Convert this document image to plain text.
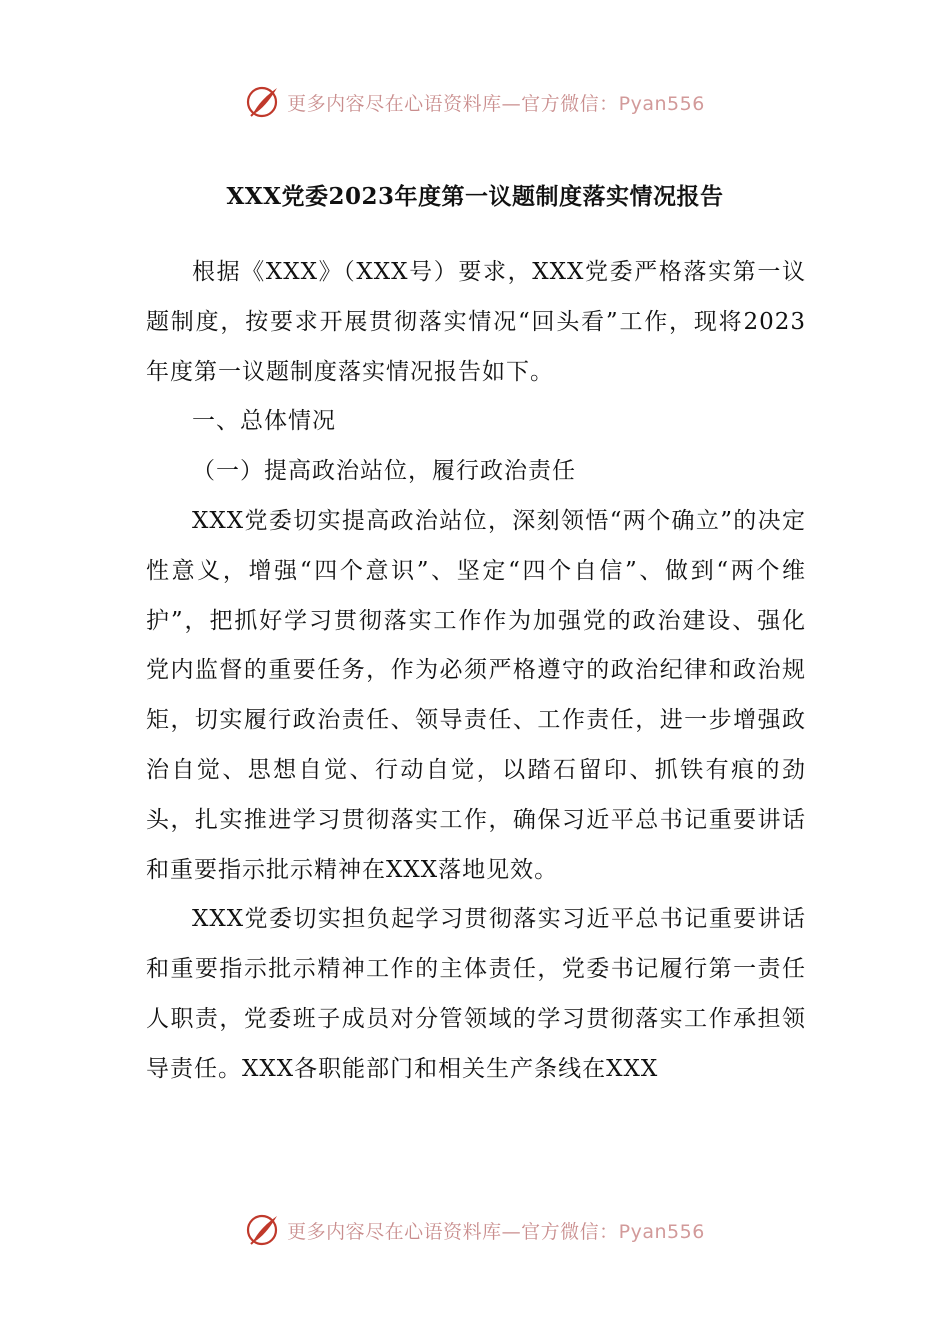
更多内容尽在心语资料库—官方微信：Pyan556
XXX党委2023年度第一议题制度落实情况报告

根据《XXX》（XXX号）要求，XXX党委严格落实第一议题制度，按要求开展贯彻落实情况“回头看”工作，现将2023年度第一议题制度落实情况报告如下。

一、总体情况

（一）提高政治站位，履行政治责任

XXX党委切实提高政治站位，深刻领悟“两个确立”的决定性意义，增强“四个意识”、坚定“四个自信”、做到“两个维护”，把抓好学习贯彻落实工作作为加强党的政治建设、强化党内监督的重要任务，作为必须严格遵守的政治纪律和政治规矩，切实履行政治责任、领导责任、工作责任，进一步增强政治自觉、思想自觉、行动自觉，以踏石留印、抓铁有痕的劲头，扎实推进学习贯彻落实工作，确保习近平总书记重要讲话和重要指示批示精神在XXX落地见效。

XXX党委切实担负起学习贯彻落实习近平总书记重要讲话和重要指示批示精神工作的主体责任，党委书记履行第一责任人职责，党委班子成员对分管领域的学习贯彻落实工作承担领导责任。XXX各职能部门和相关生产条线在XXX

更多内容尽在心语资料库—官方微信：Pyan556
